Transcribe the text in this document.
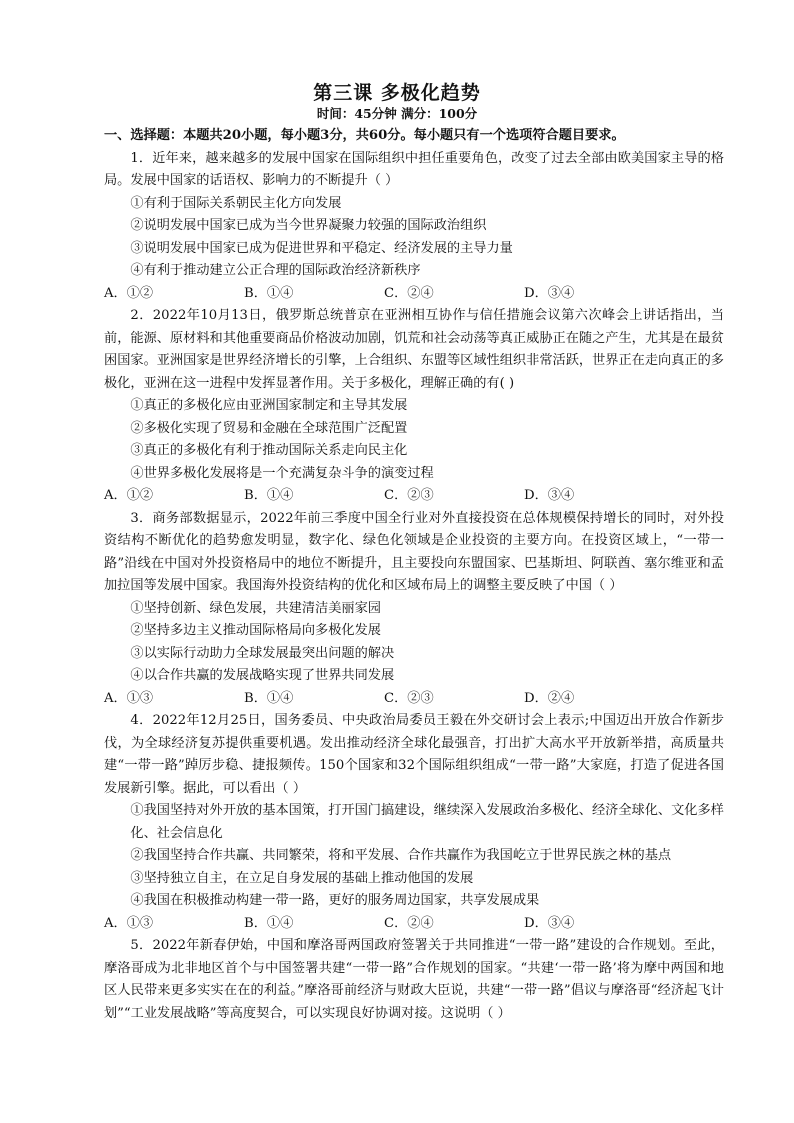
第三课 多极化趋势
时间：45分钟 满分：100分

一、选择题：本题共20小题，每小题3分，共60分。每小题只有一个选项符合题目要求。

1．近年来，越来越多的发展中国家在国际组织中担任重要角色，改变了过去全部由欧美国家主导的格局。发展中国家的话语权、影响力的不断提升（ ）

①有利于国际关系朝民主化方向发展

②说明发展中国家已成为当今世界凝聚力较强的国际政治组织

③说明发展中国家已成为促进世界和平稳定、经济发展的主导力量

④有利于推动建立公正合理的国际政治经济新秩序

A．①②	B．①④	C．②④	D．③④

2．2022年10月13日，俄罗斯总统普京在亚洲相互协作与信任措施会议第六次峰会上讲话指出，当前，能源、原材料和其他重要商品价格波动加剧，饥荒和社会动荡等真正威胁正在随之产生，尤其是在最贫困国家。亚洲国家是世界经济增长的引擎，上合组织、东盟等区域性组织非常活跃，世界正在走向真正的多极化，亚洲在这一进程中发挥显著作用。关于多极化，理解正确的有( )

①真正的多极化应由亚洲国家制定和主导其发展

②多极化实现了贸易和金融在全球范围广泛配置

③真正的多极化有利于推动国际关系走向民主化

④世界多极化发展将是一个充满复杂斗争的演变过程

A．①②	B．①④	C．②③	D．③④

3．商务部数据显示，2022年前三季度中国全行业对外直接投资在总体规模保持增长的同时，对外投资结构不断优化的趋势愈发明显，数字化、绿色化领域是企业投资的主要方向。在投资区域上，“一带一路”沿线在中国对外投资格局中的地位不断提升，且主要投向东盟国家、巴基斯坦、阿联酋、塞尔维亚和孟加拉国等发展中国家。我国海外投资结构的优化和区域布局上的调整主要反映了中国（ ）

①坚持创新、绿色发展，共建清洁美丽家园

②坚持多边主义推动国际格局向多极化发展

③以实际行动助力全球发展最突出问题的解决

④以合作共赢的发展战略实现了世界共同发展

A．①③	B．①④	C．②③	D．②④

4．2022年12月25日，国务委员、中央政治局委员王毅在外交研讨会上表示;中国迈出开放合作新步伐，为全球经济复苏提供重要机遇。发出推动经济全球化最强音，打出扩大高水平开放新举措，高质量共建“一带一路”踔厉步稳、捷报频传。150个国家和32个国际组织组成“一带一路”大家庭，打造了促进各国发展新引擎。据此，可以看出（ ）

①我国坚持对外开放的基本国策，打开国门搞建设，继续深入发展政治多极化、经济全球化、文化多样化、社会信息化

②我国坚持合作共赢、共同繁荣，将和平发展、合作共赢作为我国屹立于世界民族之林的基点

③坚持独立自主，在立足自身发展的基础上推动他国的发展

④我国在积极推动构建一带一路，更好的服务周边国家，共享发展成果

A．①③	B．①④	C．②④	D．③④

5．2022年新春伊始，中国和摩洛哥两国政府签署关于共同推进“一带一路”建设的合作规划。至此，摩洛哥成为北非地区首个与中国签署共建“一带一路”合作规划的国家。“共建‘一带一路’将为摩中两国和地区人民带来更多实实在在的利益。”摩洛哥前经济与财政大臣说，共建“一带一路”倡议与摩洛哥“经济起飞计划”“工业发展战略”等高度契合，可以实现良好协调对接。这说明（ ）
